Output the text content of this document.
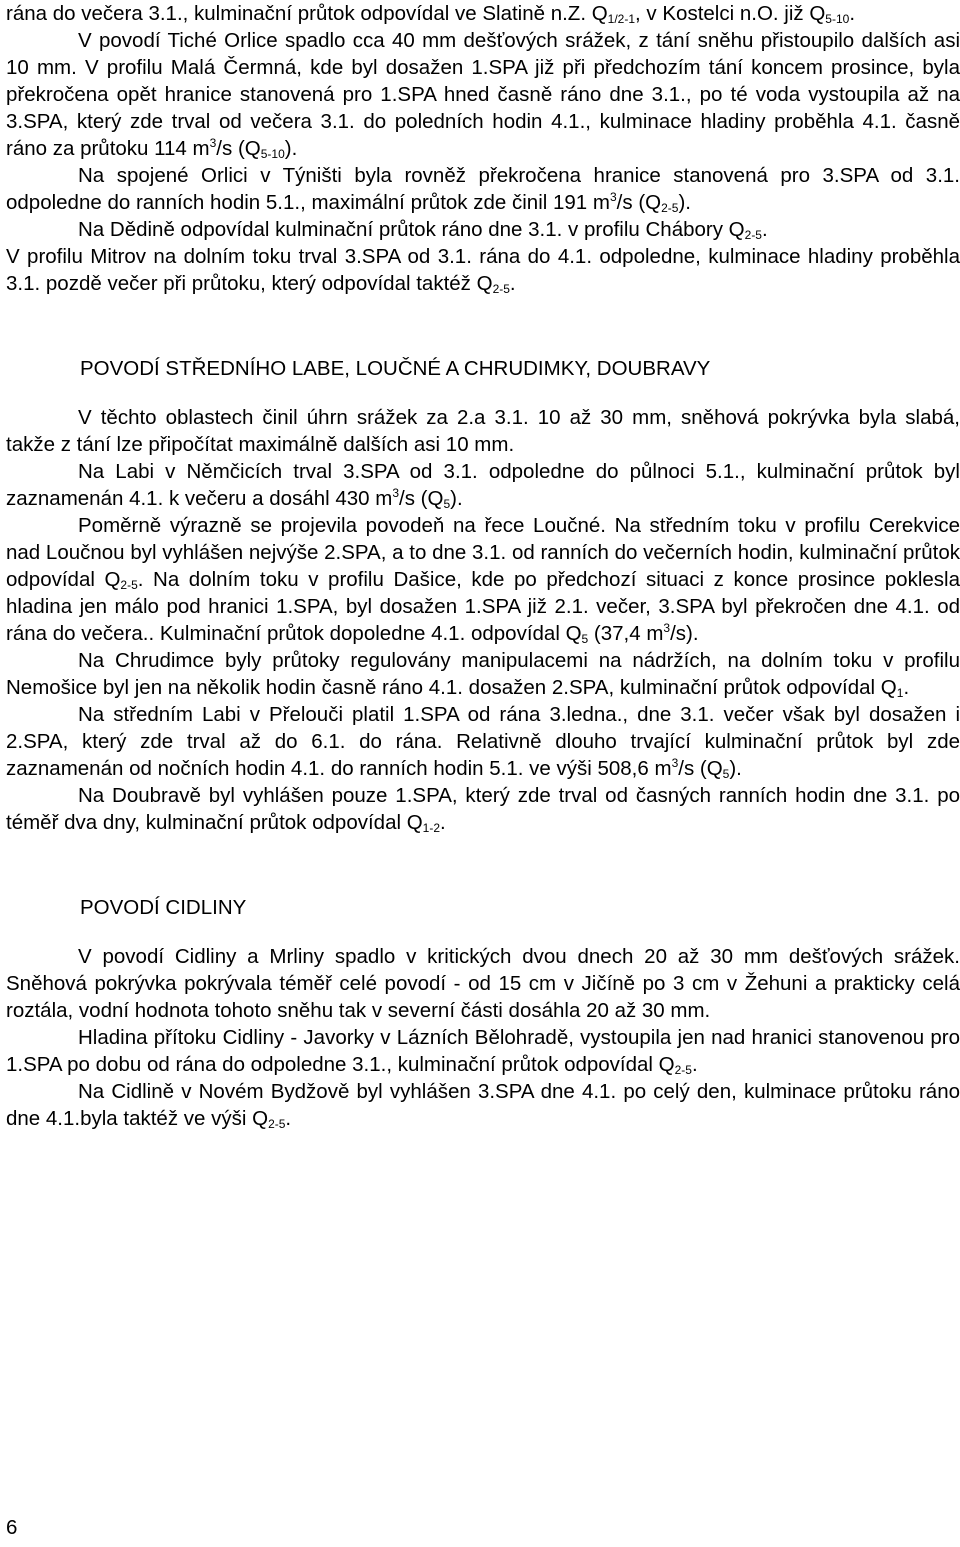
rána do večera 3.1., kulminační průtok odpovídal ve Slatině n.Z. $Q_{1/2-1}$, v Kostelci n.O. již $Q_{5-10}$.

V povodí Tiché Orlice spadlo cca 40 mm dešťových srážek, z tání sněhu přistoupilo dalších asi 10 mm. V profilu Malá Čermná, kde byl dosažen 1.SPA již při předchozím tání koncem prosince, byla překročena opět hranice stanovená pro 1.SPA hned časně ráno dne 3.1., po té voda vystoupila až na 3.SPA, který zde trval od večera 3.1. do poledních hodin 4.1., kulminace hladiny proběhla 4.1. časně ráno za průtoku 114 $m^3/s$ $(Q_{5-10})$.

Na spojené Orlici v Týništi byla rovněž překročena hranice stanovená pro 3.SPA od 3.1. odpoledne do ranních hodin 5.1., maximální průtok zde činil 191 $m^3/s$ $(Q_{2-5})$.

Na Dědině odpovídal kulminační průtok ráno dne 3.1. v profilu Chábory $Q_{2-5}$.

V profilu Mitrov na dolním toku trval 3.SPA od 3.1. rána do 4.1. odpoledne, kulminace hladiny proběhla 3.1. pozdě večer při průtoku, který odpovídal taktéž $Q_{2-5}$.

POVODÍ STŘEDNÍHO LABE, LOUČNÉ A CHRUDIMKY, DOUBRAVY

V těchto oblastech činil úhrn srážek za 2.a 3.1. 10 až 30 mm, sněhová pokrývka byla slabá, takže z tání lze připočítat maximálně dalších asi 10 mm.

Na Labi v Němčicích trval 3.SPA od 3.1. odpoledne do půlnoci 5.1., kulminační průtok byl zaznamenán 4.1. k večeru a dosáhl 430 $m^3/s$ $(Q_5)$.

Poměrně výrazně se projevila povodeň na řece Loučné. Na středním toku v profilu Cerekvice nad Loučnou byl vyhlášen nejvýše 2.SPA, a to dne 3.1. od ranních do večerních hodin, kulminační průtok odpovídal $Q_{2-5}$. Na dolním toku v profilu Dašice, kde po předchozí situaci z konce prosince poklesla hladina jen málo pod hranici 1.SPA, byl dosažen 1.SPA již 2.1. večer, 3.SPA byl překročen dne 4.1. od rána do večera.. Kulminační průtok dopoledne 4.1. odpovídal $Q_5$ (37,4 $m^3/s$).

Na Chrudimce byly průtoky regulovány manipulacemi na nádržích, na dolním toku v profilu Nemošice byl jen na několik hodin časně ráno 4.1. dosažen 2.SPA, kulminační průtok odpovídal $Q_1$.

Na středním Labi v Přelouči platil 1.SPA od rána 3.ledna., dne 3.1. večer však byl dosažen i 2.SPA, který zde trval až do 6.1. do rána. Relativně dlouho trvající kulminační průtok byl zde zaznamenán od nočních hodin 4.1. do ranních hodin 5.1. ve výši 508,6 $m^3/s$ $(Q_5)$.

Na Doubravě byl vyhlášen pouze 1.SPA, který zde trval od časných ranních hodin dne 3.1. po téměř dva dny, kulminační průtok odpovídal $Q_{1-2}$.

POVODÍ CIDLINY

V povodí Cidliny a Mrliny spadlo v kritických dvou dnech 20 až 30 mm dešťových srážek. Sněhová pokrývka pokrývala téměř celé povodí - od 15 cm v Jičíně po 3 cm v Žehuni a prakticky celá roztála, vodní hodnota tohoto sněhu tak v severní části dosáhla 20 až 30 mm.

Hladina přítoku Cidliny - Javorky v Lázních Bělohradě, vystoupila jen nad hranici stanovenou pro 1.SPA po dobu od rána do odpoledne 3.1., kulminační průtok odpovídal $Q_{2-5}$.

Na Cidlině v Novém Bydžově byl vyhlášen 3.SPA dne 4.1. po celý den, kulminace průtoku ráno dne 4.1.byla taktéž ve výši $Q_{2-5}$.

6
